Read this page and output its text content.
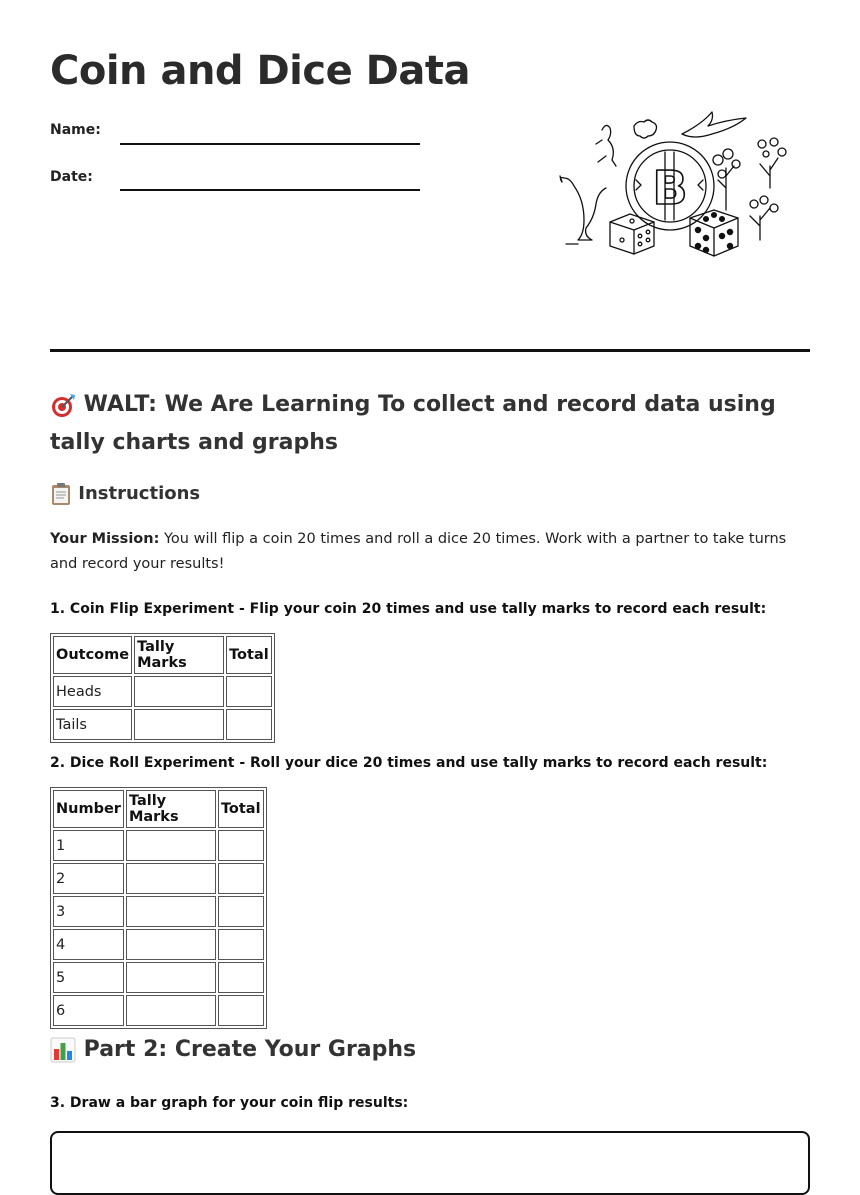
Coin and Dice Data
Name:
Date:	B
WALT: We Are Learning To collect and record data using tally charts and graphs
Instructions

Your Mission: You will flip a coin 20 times and roll a dice 20 times. Work with a partner to take turns and record your results!

1. Coin Flip Experiment - Flip your coin 20 times and use tally marks to record each result:

Outcome	Tally Marks	Total
Heads		
Tails		

2. Dice Roll Experiment - Roll your dice 20 times and use tally marks to record each result:

Number	Tally Marks	Total
1		
2		
3		
4		
5		
6		
Part 2: Create Your Graphs

3. Draw a bar graph for your coin flip results:
